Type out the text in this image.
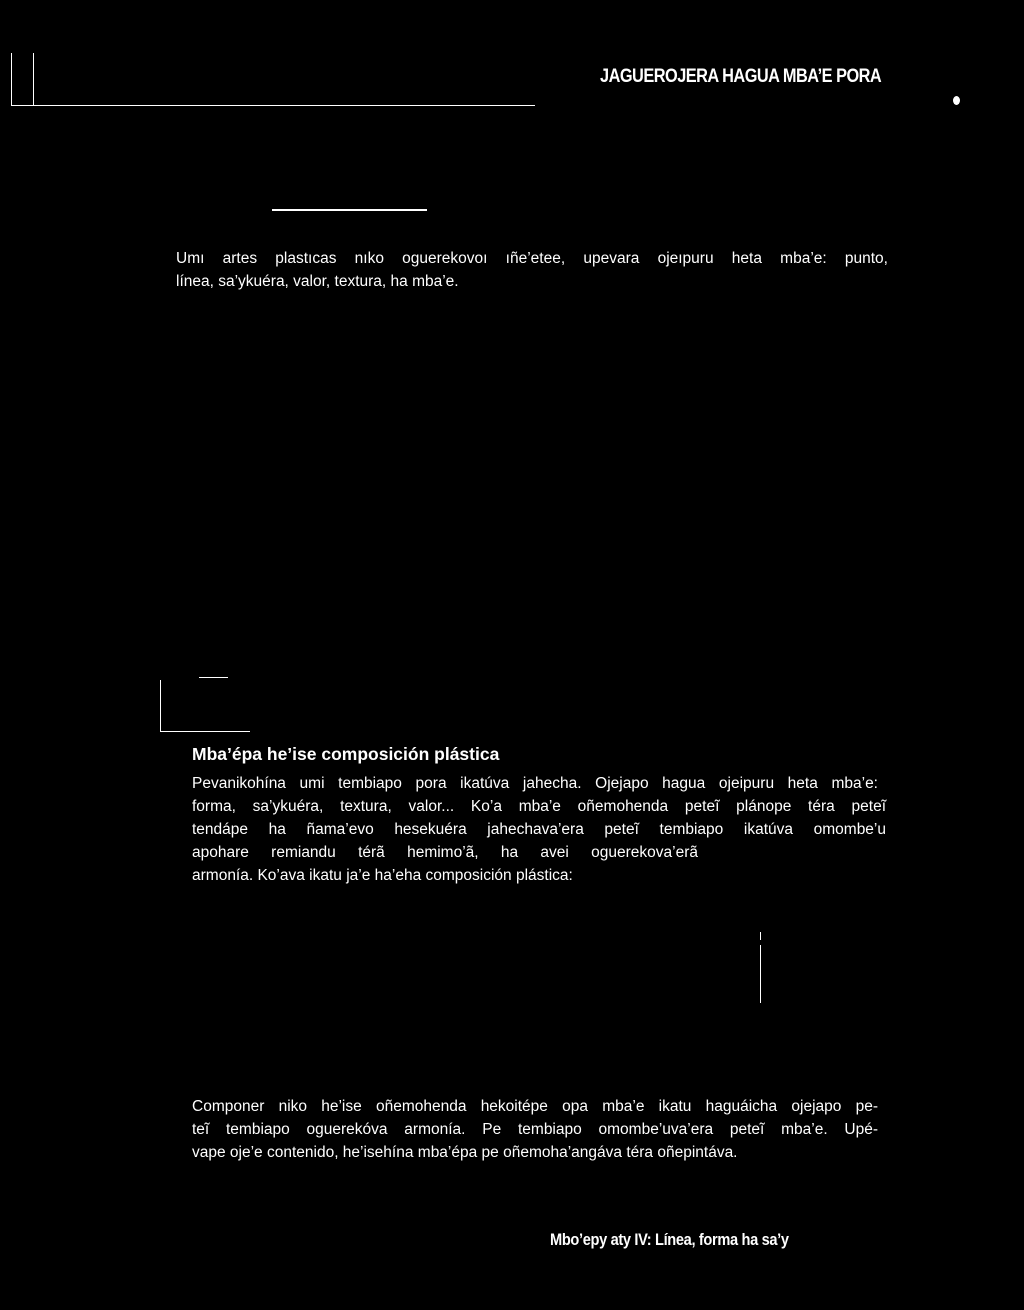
JAGUEROJERA HAGUA MBA’E PORA
Umı artes plastıcas nıko oguerekovoı ıñe’etee, upevara ojeıpuru heta mba’e: punto,
línea, sa’ykuéra, valor, textura, ha mba’e.
Mba’épa he’ise composición plástica
Pevanikohína umi tembiapo pora ikatúva jahecha. Ojejapo hagua ojeipuru heta mba’e:
forma, sa’ykuéra, textura, valor... Ko’a mba’e oñemohenda peteĩ plánope téra peteĩ
tendápe ha ñama’evo hesekuéra jahechava’era peteĩ tembiapo ikatúva omombe’u
apohare remiandu térã hemimo’ã, ha avei oguerekova’erã
armonía. Ko’ava ikatu ja’e ha’eha composición plástica:
Componer niko he’ise oñemohenda hekoitépe opa mba’e ikatu haguáicha ojejapo pe-
teĩ tembiapo oguerekóva armonía. Pe tembiapo omombe’uva’era peteĩ mba’e. Upé-
vape oje’e contenido, he’isehína mba’épa pe oñemoha’angáva téra oñepintáva.
Mbo’epy aty IV: Línea, forma ha sa’y
